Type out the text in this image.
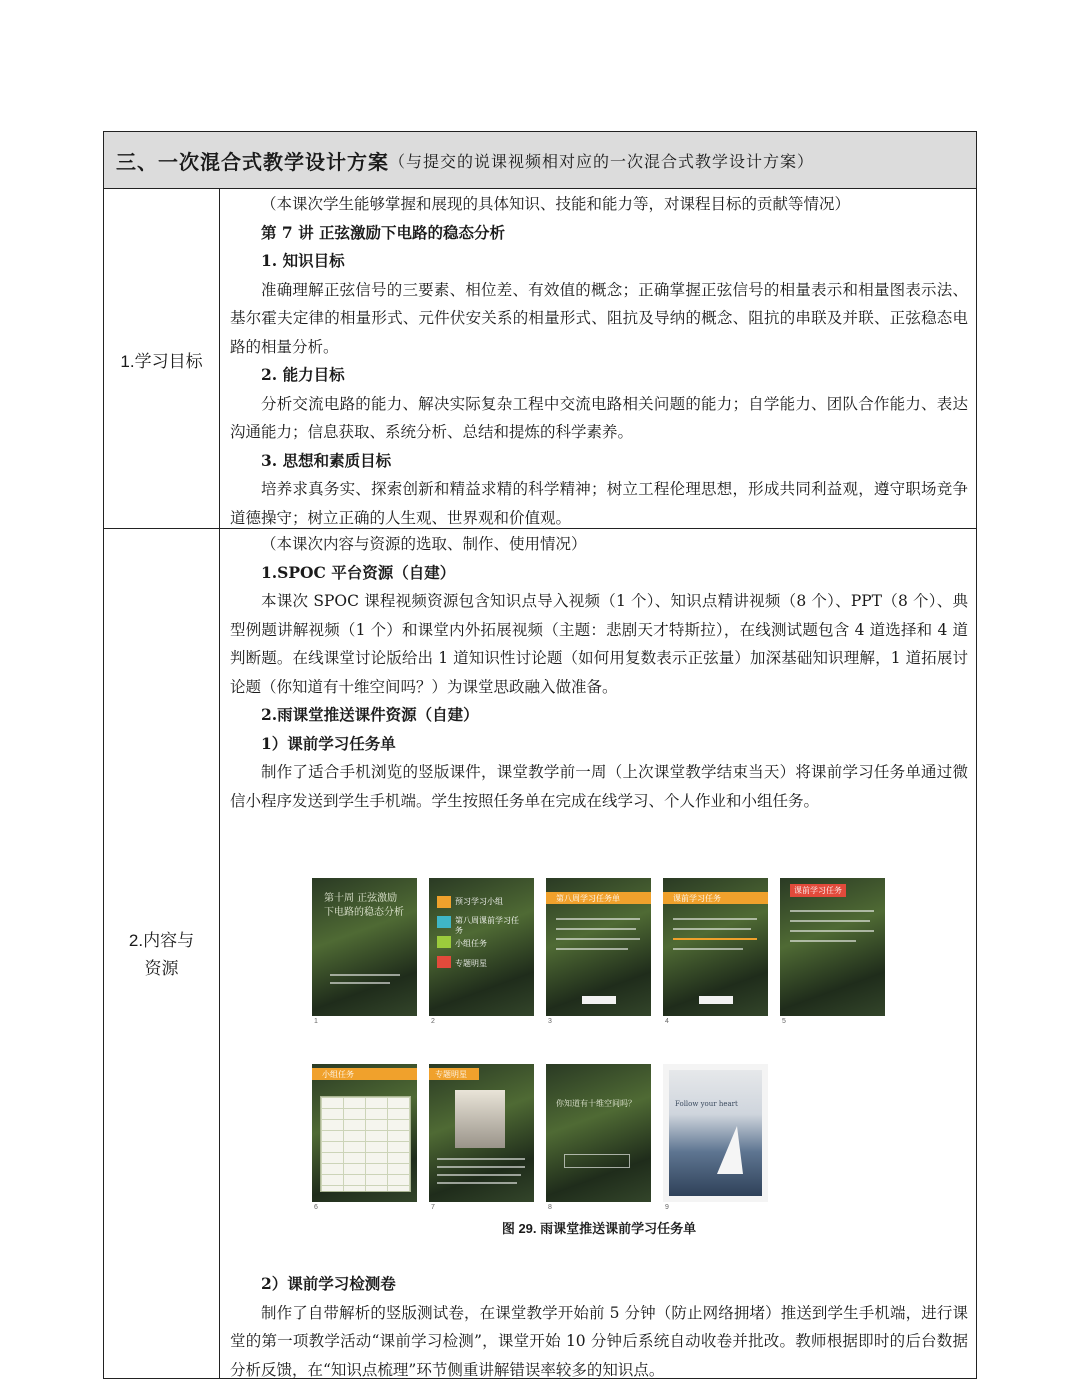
三、一次混合式教学设计方案 （与提交的说课视频相对应的一次混合式教学设计方案）
1.学习目标

（本课次学生能够掌握和展现的具体知识、技能和能力等，对课程目标的贡献等情况）

第 7 讲 正弦激励下电路的稳态分析

1. 知识目标

准确理解正弦信号的三要素、相位差、有效值的概念；正确掌握正弦信号的相量表示和相量图表示法、基尔霍夫定律的相量形式、元件伏安关系的相量形式、阻抗及导纳的概念、阻抗的串联及并联、正弦稳态电路的相量分析。

2. 能力目标

分析交流电路的能力、解决实际复杂工程中交流电路相关问题的能力；自学能力、团队合作能力、表达沟通能力；信息获取、系统分析、总结和提炼的科学素养。

3. 思想和素质目标

培养求真务实、探索创新和精益求精的科学精神；树立工程伦理思想，形成共同利益观，遵守职场竞争道德操守；树立正确的人生观、世界观和价值观。

2.内容与
资源

（本课次内容与资源的选取、制作、使用情况）

1.SPOC 平台资源（自建）

本课次 SPOC 课程视频资源包含知识点导入视频（1 个）、知识点精讲视频（8 个）、PPT（8 个）、典型例题讲解视频（1 个）和课堂内外拓展视频（主题：悲剧天才特斯拉），在线测试题包含 4 道选择和 4 道判断题。在线课堂讨论版给出 1 道知识性讨论题（如何用复数表示正弦量）加深基础知识理解，1 道拓展讨论题（你知道有十维空间吗？）为课堂思政融入做准备。

2.雨课堂推送课件资源（自建）

1）课前学习任务单

制作了适合手机浏览的竖版课件，课堂教学前一周（上次课堂教学结束当天）将课前学习任务单通过微信小程序发送到学生手机端。学生按照任务单在完成在线学习、个人作业和小组任务。

第十周 正弦激励下电路的稳态分析
预习学习小组
第八周课前学习任务
小组任务
专题明星
第八周学习任务单	课前学习任务
课前学习任务
小组任务	专题明星
你知道有十维空间吗？	Follow your heart
1	2	3	4	5
6	7	8	9
图 29. 雨课堂推送课前学习任务单

2）课前学习检测卷

制作了自带解析的竖版测试卷，在课堂教学开始前 5 分钟（防止网络拥堵）推送到学生手机端，进行课堂的第一项教学活动“课前学习检测”，课堂开始 10 分钟后系统自动收卷并批改。教师根据即时的后台数据分析反馈，在“知识点梳理”环节侧重讲解错误率较多的知识点。
